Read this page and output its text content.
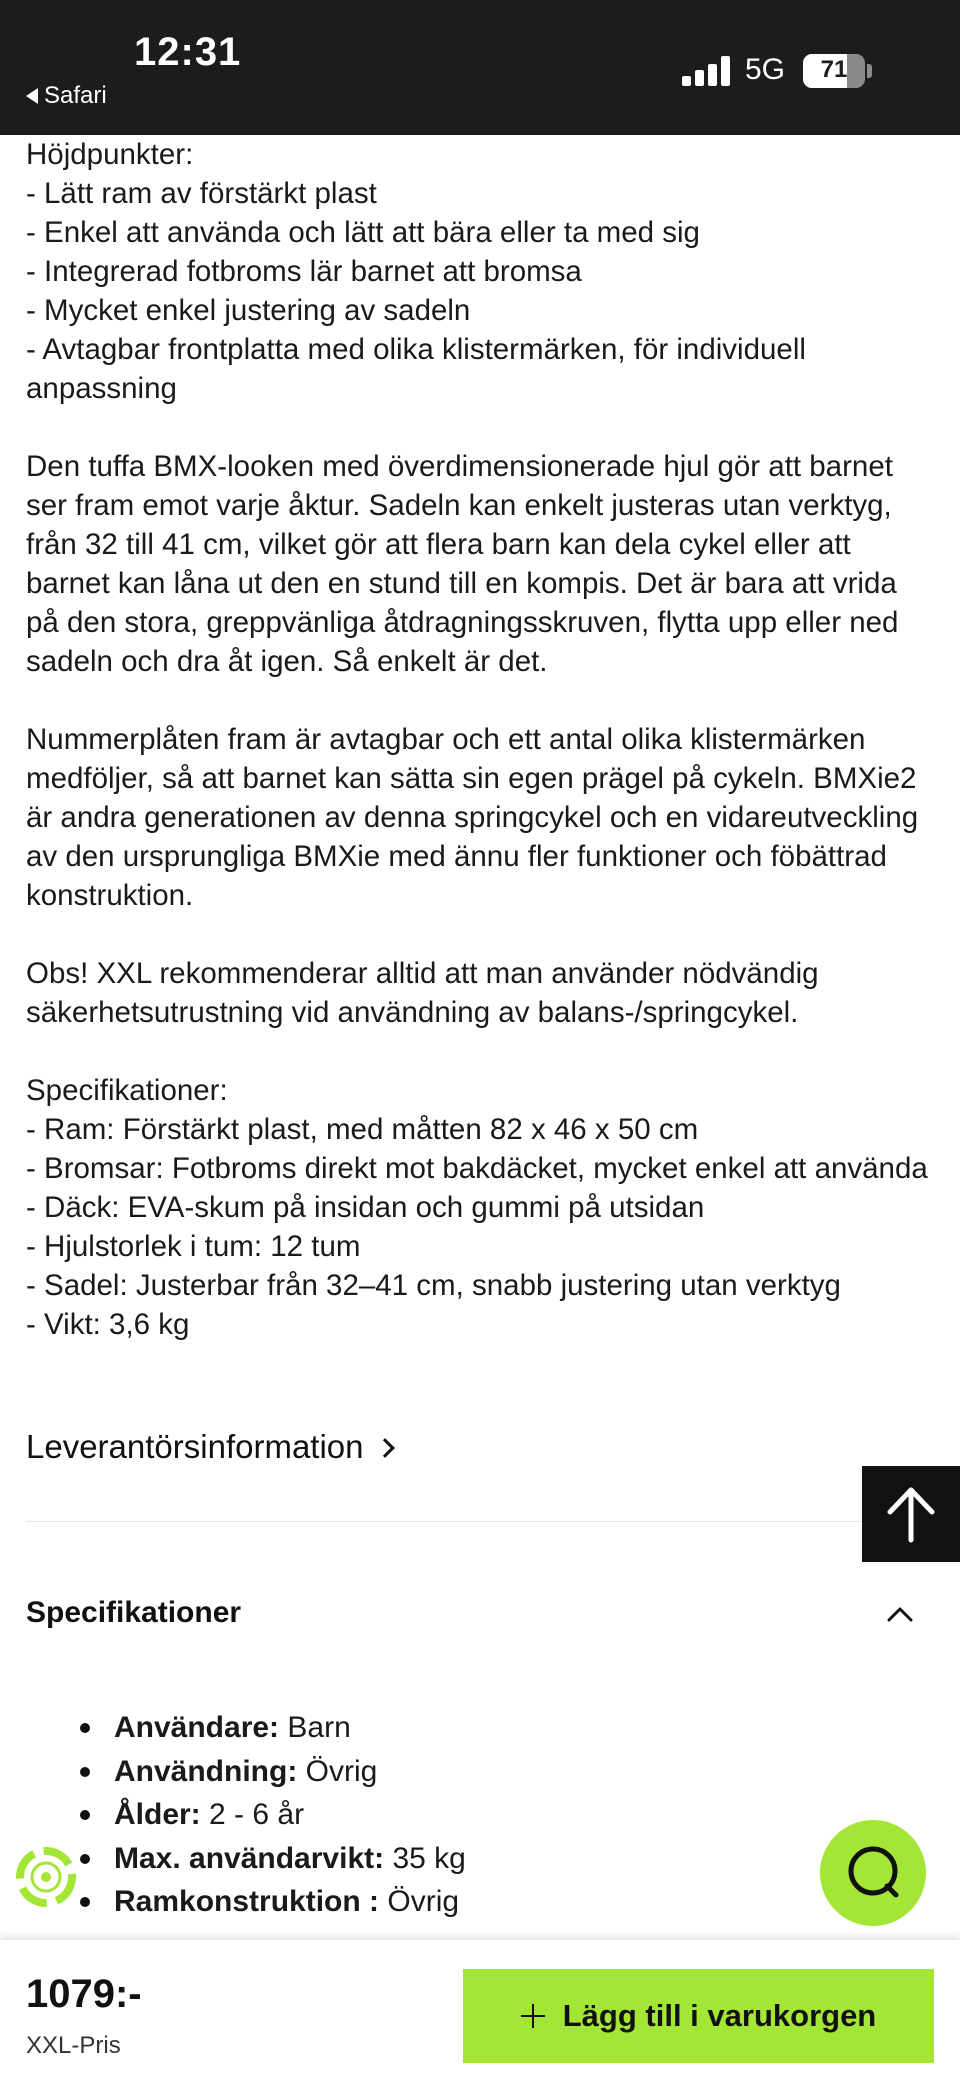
12:31
Safari
5G	71

Höjdpunkter:

- Lätt ram av förstärkt plast

- Enkel att använda och lätt att bära eller ta med sig

- Integrerad fotbroms lär barnet att bromsa

- Mycket enkel justering av sadeln

- Avtagbar frontplatta med olika klistermärken, för individuell anpassning

Den tuffa BMX-looken med överdimensionerade hjul gör att barnet ser fram emot varje åktur. Sadeln kan enkelt justeras utan verktyg, från 32 till 41 cm, vilket gör att flera barn kan dela cykel eller att barnet kan låna ut den en stund till en kompis. Det är bara att vrida på den stora, greppvänliga åtdragningsskruven, flytta upp eller ned sadeln och dra åt igen. Så enkelt är det.

Nummerplåten fram är avtagbar och ett antal olika klistermärken medföljer, så att barnet kan sätta sin egen prägel på cykeln. BMXie2 är andra generationen av denna springcykel och en vidareutveckling av den ursprungliga BMXie med ännu fler funktioner och föbättrad konstruktion.

Obs! XXL rekommenderar alltid att man använder nödvändig säkerhetsutrustning vid användning av balans-/springcykel.

Specifikationer:

- Ram: Förstärkt plast, med måtten 82 x 46 x 50 cm

- Bromsar: Fotbroms direkt mot bakdäcket, mycket enkel att använda

- Däck: EVA-skum på insidan och gummi på utsidan

- Hjulstorlek i tum: 12 tum

- Sadel: Justerbar från 32–41 cm, snabb justering utan verktyg

- Vikt: 3,6 kg

Leverantörsinformation
Specifikationer
Användare: Barn
Användning: Övrig
Ålder: 2 - 6 år
Max. användarvikt: 35 kg
Ramkonstruktion : Övrig
1079:-
XXL-Pris
Lägg till i varukorgen
